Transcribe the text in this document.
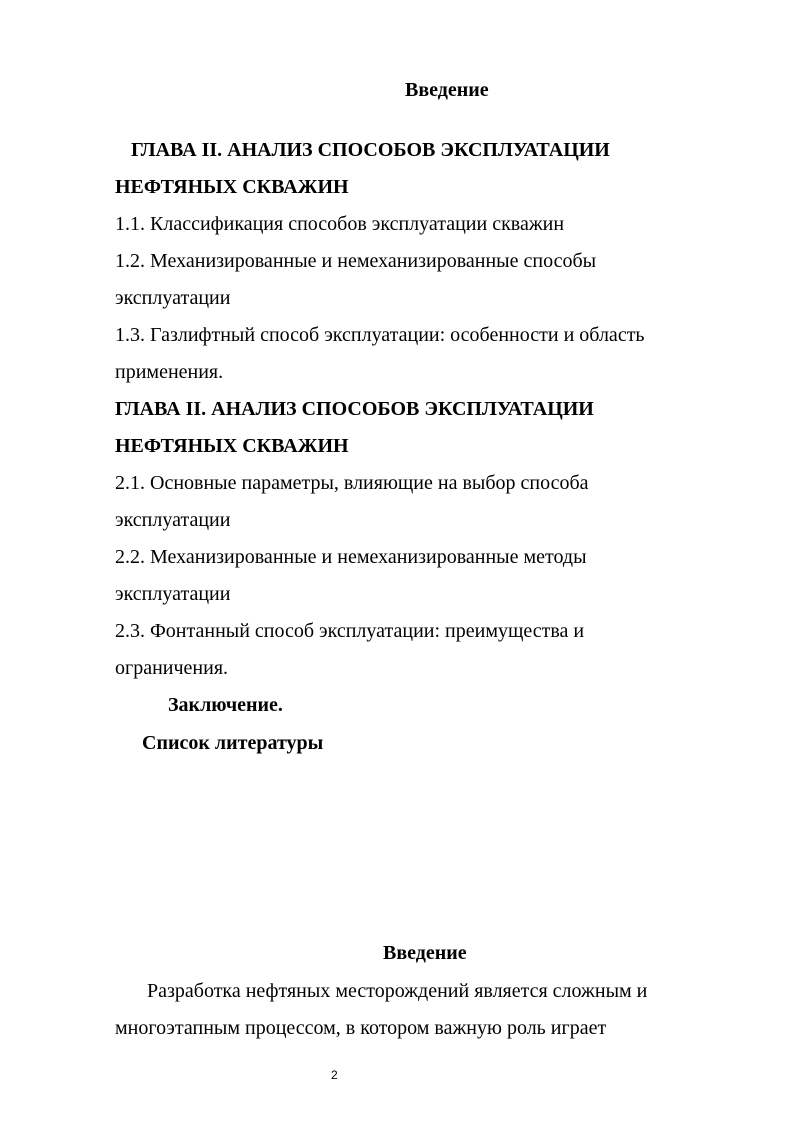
Введение
ГЛАВА II. АНАЛИЗ СПОСОБОВ ЭКСПЛУАТАЦИИ
НЕФТЯНЫХ СКВАЖИН
1.1. Классификация способов эксплуатации скважин
1.2. Механизированные и немеханизированные способы
эксплуатации
1.3. Газлифтный способ эксплуатации: особенности и область
применения.
ГЛАВА II. АНАЛИЗ СПОСОБОВ ЭКСПЛУАТАЦИИ
НЕФТЯНЫХ СКВАЖИН
2.1. Основные параметры, влияющие на выбор способа
эксплуатации
2.2. Механизированные и немеханизированные методы
эксплуатации
2.3. Фонтанный способ эксплуатации: преимущества и
ограничения.
Заключение.
Список литературы
Введение
Разработка нефтяных месторождений является сложным и
многоэтапным процессом, в котором важную роль играет
2
